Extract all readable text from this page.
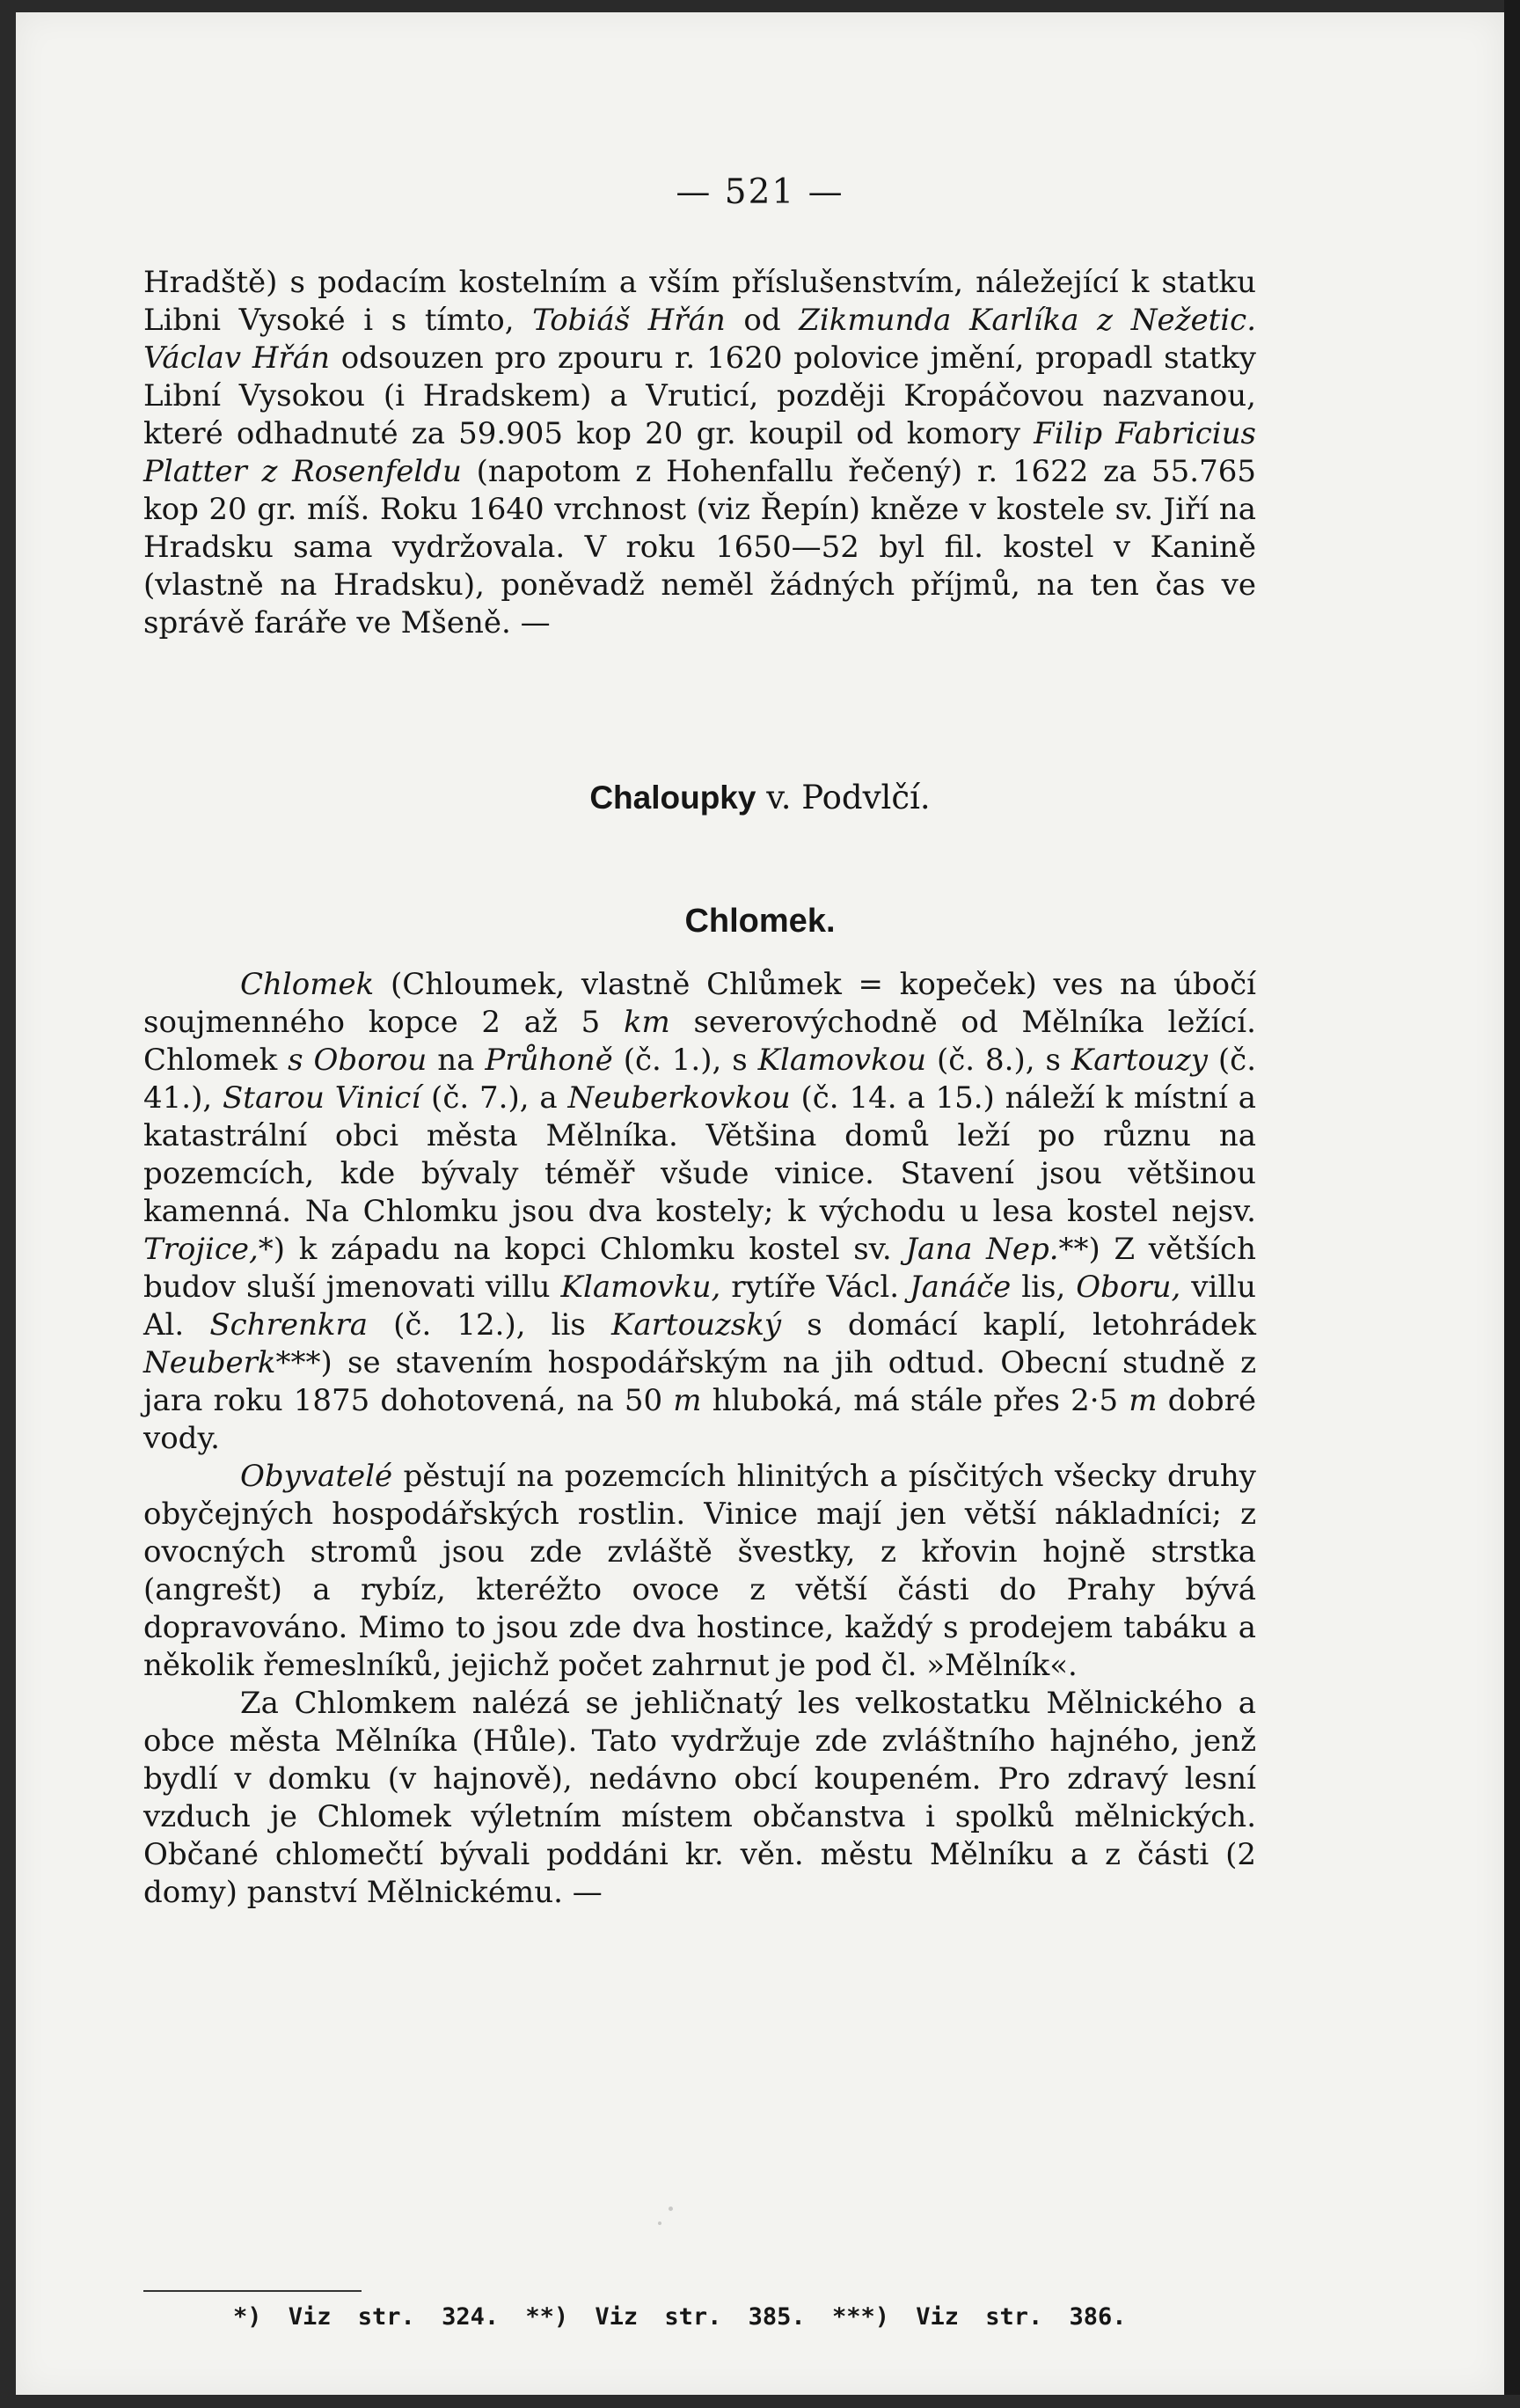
— 521 —

Hradště) s podacím kostelním a vším příslušenstvím, náležející k statku Libni Vysoké i s tímto, Tobiáš Hřán od Zikmunda Karlíka z Nežetic. Václav Hřán odsouzen pro zpouru r. 1620 polovice jmění, propadl statky Libní Vysokou (i Hradskem) a Vruticí, později Kropáčovou nazvanou, které odhadnuté za 59.905 kop 20 gr. koupil od komory Filip Fabricius Platter z Rosenfeldu (napotom z Hohenfallu řečený) r. 1622 za 55.765 kop 20 gr. míš. Roku 1640 vrchnost (viz Řepín) kněze v kostele sv. Jiří na Hradsku sama vydržovala. V roku 1650—52 byl fil. kostel v Kanině (vlastně na Hradsku), poněvadž neměl žádných příjmů, na ten čas ve správě faráře ve Mšeně. —

Chaloupky v. Podvlčí.
Chlomek.

Chlomek (Chloumek, vlastně Chlůmek = kopeček) ves na úbočí soujmenného kopce 2 až 5 km severovýchodně od Mělníka ležící. Chlomek s Oborou na Průhoně (č. 1.), s Klamovkou (č. 8.), s Kartouzy (č. 41.), Starou Vinicí (č. 7.), a Neuberkovkou (č. 14. a 15.) náleží k místní a katastrální obci města Mělníka. Většina domů leží po různu na pozemcích, kde bývaly téměř všude vinice. Stavení jsou většinou kamenná. Na Chlomku jsou dva kostely; k východu u lesa kostel nejsv. Trojice,*) k západu na kopci Chlomku kostel sv. Jana Nep.**) Z větších budov sluší jmenovati villu Klamovku, rytíře Václ. Janáče lis, Oboru, villu Al. Schrenkra (č. 12.), lis Kartouzský s domácí kaplí, letohrádek Neuberk***) se stavením hospodářským na jih odtud. Obecní studně z jara roku 1875 dohotovená, na 50 m hluboká, má stále přes 2·5 m dobré vody.

Obyvatelé pěstují na pozemcích hlinitých a písčitých všecky druhy obyčejných hospodářských rostlin. Vinice mají jen větší nákladníci; z ovocných stromů jsou zde zvláště švestky, z křovin hojně strstka (angrešt) a rybíz, kteréžto ovoce z větší části do Prahy bývá dopravováno. Mimo to jsou zde dva hostince, každý s prodejem tabáku a několik řemeslníků, jejichž počet zahrnut je pod čl. »Mělník«.

Za Chlomkem nalézá se jehličnatý les velkostatku Mělnického a obce města Mělníka (Hůle). Tato vydržuje zde zvláštního hajného, jenž bydlí v domku (v hajnově), nedávno obcí koupeném. Pro zdravý lesní vzduch je Chlomek výletním místem občanstva i spolků mělnických. Občané chlomečtí bývali poddáni kr. věn. městu Mělníku a z části (2 domy) panství Mělnickému. —

*) Viz str. 324. **) Viz str. 385. ***) Viz str. 386.
